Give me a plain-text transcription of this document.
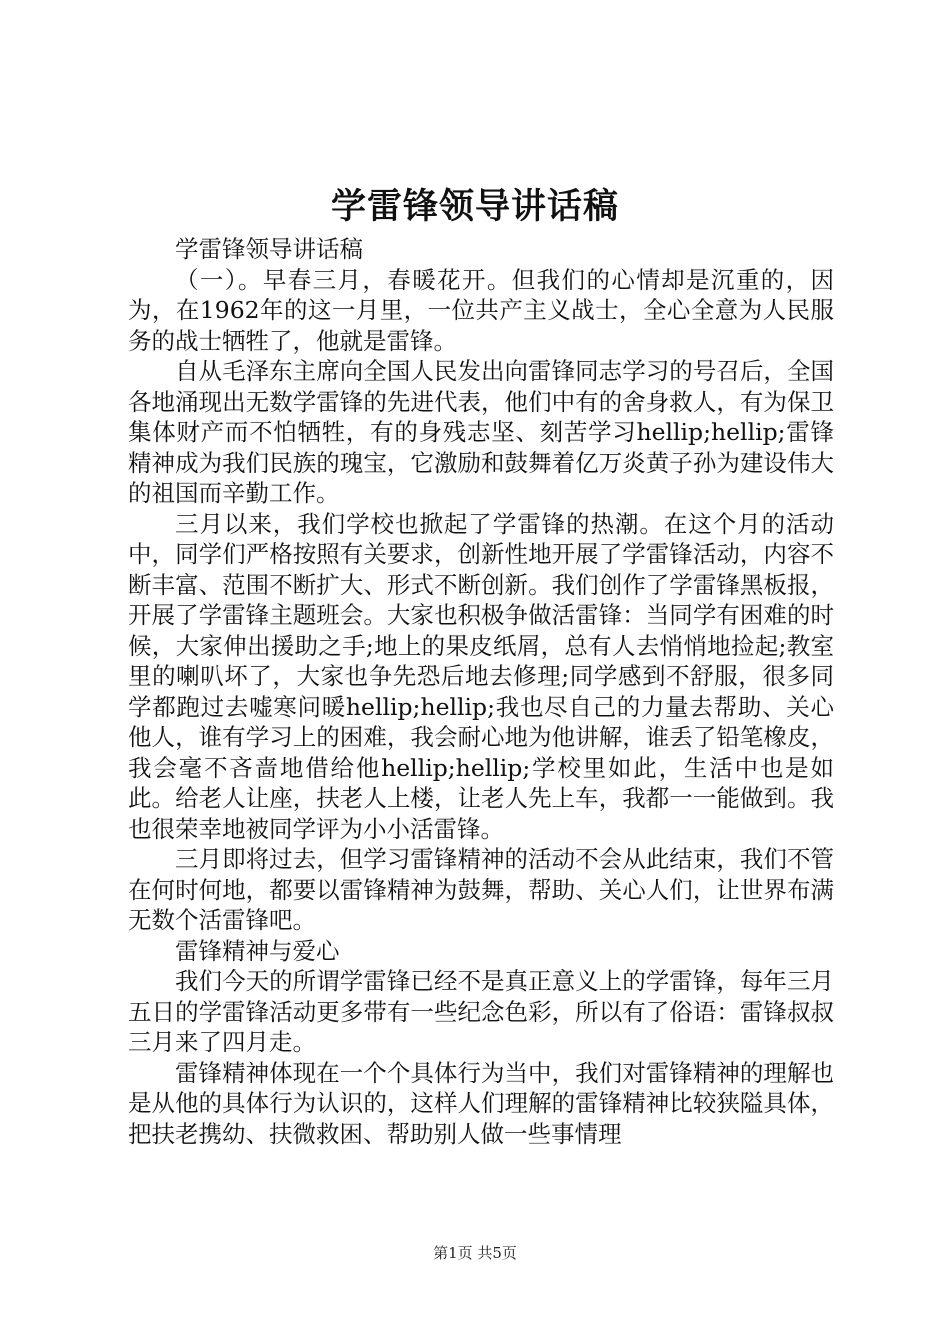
学雷锋领导讲话稿

学雷锋领导讲话稿

（一）。早春三月，春暖花开。但我们的心情却是沉重的，因为，在1962年的这一月里，一位共产主义战士，全心全意为人民服务的战士牺牲了，他就是雷锋。

自从毛泽东主席向全国人民发出向雷锋同志学习的号召后，全国各地涌现出无数学雷锋的先进代表，他们中有的舍身救人，有为保卫集体财产而不怕牺牲，有的身残志坚、刻苦学习hellip;hellip;雷锋精神成为我们民族的瑰宝，它激励和鼓舞着亿万炎黄子孙为建设伟大的祖国而辛勤工作。

三月以来，我们学校也掀起了学雷锋的热潮。在这个月的活动中，同学们严格按照有关要求，创新性地开展了学雷锋活动，内容不断丰富、范围不断扩大、形式不断创新。我们创作了学雷锋黑板报，开展了学雷锋主题班会。大家也积极争做活雷锋：当同学有困难的时候，大家伸出援助之手;地上的果皮纸屑，总有人去悄悄地捡起;教室里的喇叭坏了，大家也争先恐后地去修理;同学感到不舒服，很多同学都跑过去嘘寒问暖hellip;hellip;我也尽自己的力量去帮助、关心他人，谁有学习上的困难，我会耐心地为他讲解，谁丢了铅笔橡皮，我会毫不吝啬地借给他hellip;hellip;学校里如此，生活中也是如此。给老人让座，扶老人上楼，让老人先上车，我都一一能做到。我也很荣幸地被同学评为小小活雷锋。

三月即将过去，但学习雷锋精神的活动不会从此结束，我们不管在何时何地，都要以雷锋精神为鼓舞，帮助、关心人们，让世界布满无数个活雷锋吧。

雷锋精神与爱心

我们今天的所谓学雷锋已经不是真正意义上的学雷锋，每年三月五日的学雷锋活动更多带有一些纪念色彩，所以有了俗语：雷锋叔叔三月来了四月走。

雷锋精神体现在一个个具体行为当中，我们对雷锋精神的理解也是从他的具体行为认识的，这样人们理解的雷锋精神比较狭隘具体，把扶老携幼、扶微救困、帮助别人做一些事情理

第1页 共5页
